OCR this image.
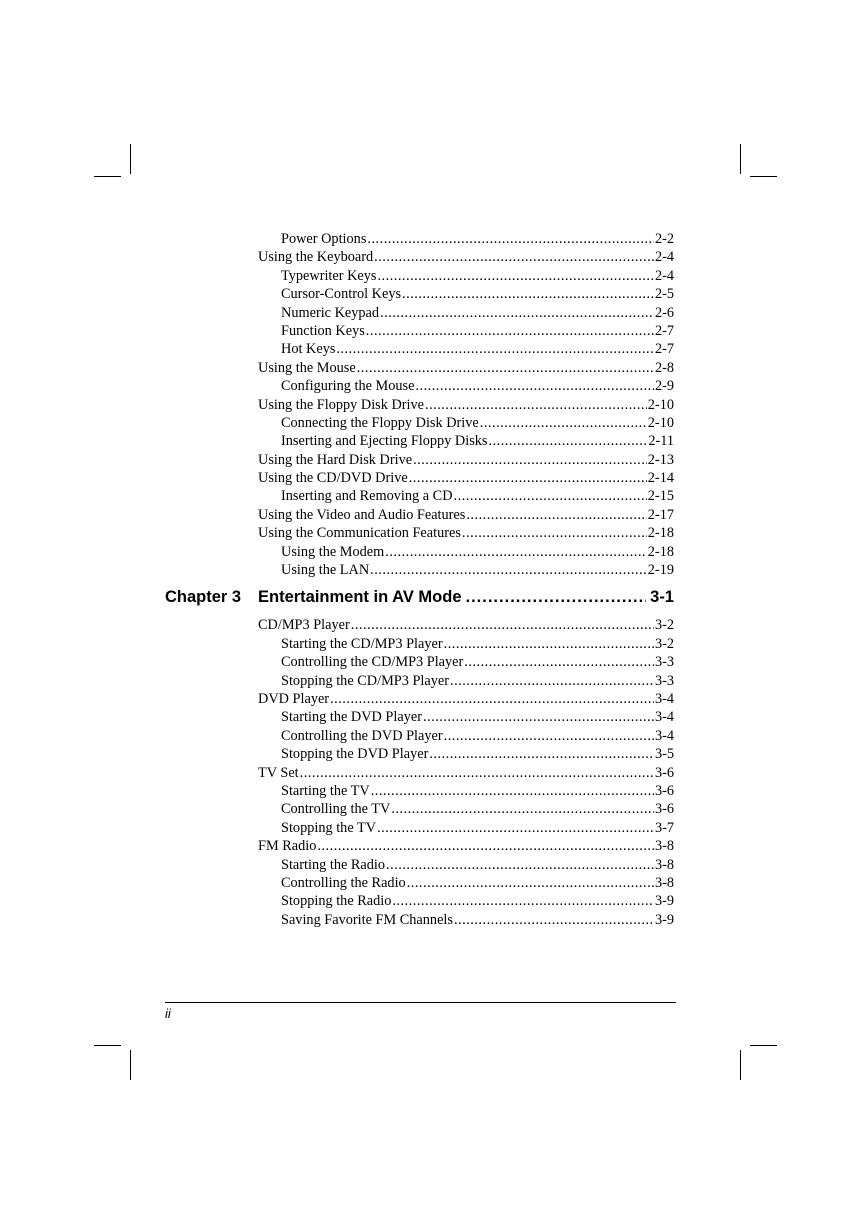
Power Options .....	2-2
Using the Keyboard .....	2-4
Typewriter Keys .....	2-4
Cursor-Control Keys .....	2-5
Numeric Keypad .....	2-6
Function Keys .....	2-7
Hot Keys .....	2-7
Using the Mouse .....	2-8
Configuring the Mouse .....	2-9
Using the Floppy Disk Drive .....	2-10
Connecting the Floppy Disk Drive .....	2-10
Inserting and Ejecting Floppy Disks .....	2-11
Using the Hard Disk Drive .....	2-13
Using the CD/DVD Drive .....	2-14
Inserting and Removing a CD .....	2-15
Using the Video and Audio Features .....	2-17
Using the Communication Features .....	2-18
Using the Modem .....	2-18
Using the LAN .....	2-19
Chapter 3 Entertainment in AV Mode .....	3-1
CD/MP3 Player .....	3-2
Starting the CD/MP3 Player .....	3-2
Controlling the CD/MP3 Player .....	3-3
Stopping the CD/MP3 Player .....	3-3
DVD Player .....	3-4
Starting the DVD Player .....	3-4
Controlling the DVD Player .....	3-4
Stopping the DVD Player .....	3-5
TV Set .....	3-6
Starting the TV .....	3-6
Controlling the TV .....	3-6
Stopping the TV .....	3-7
FM Radio .....	3-8
Starting the Radio .....	3-8
Controlling the Radio .....	3-8
Stopping the Radio .....	3-9
Saving Favorite FM Channels .....	3-9
ii
